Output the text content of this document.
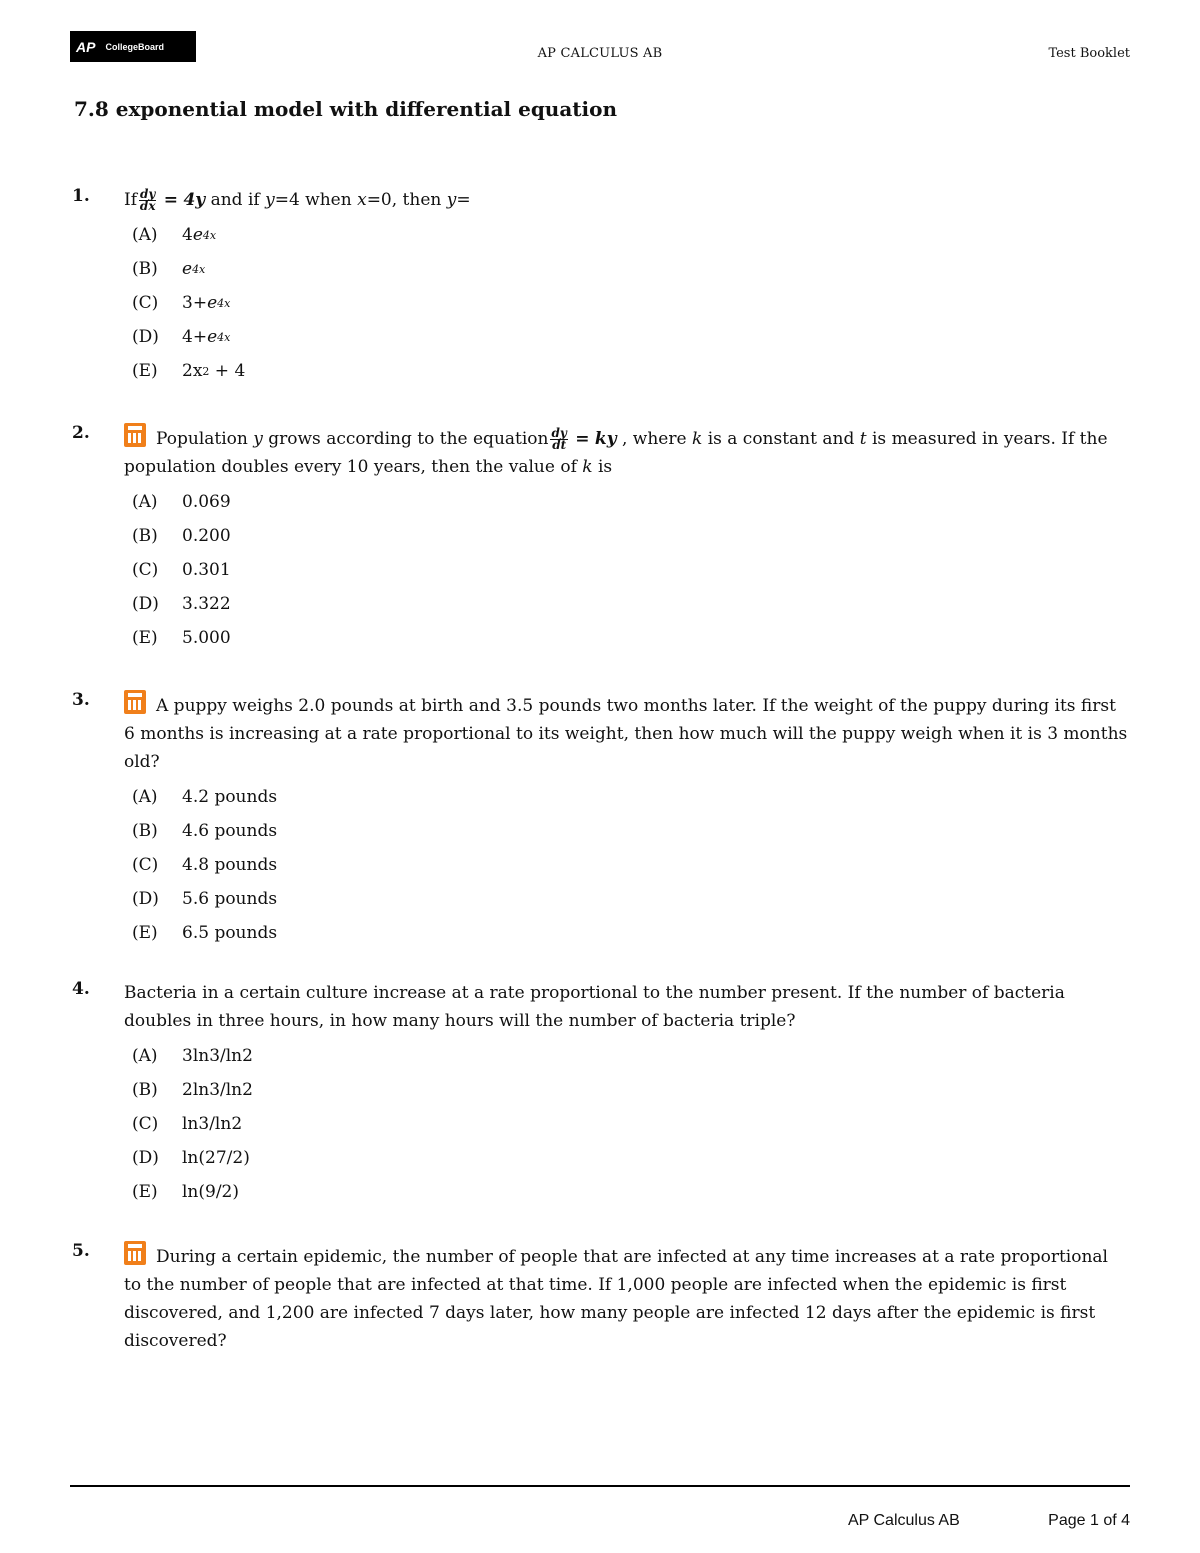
AP CollegeBoard	AP CALCULUS AB	Test Booklet
7.8 exponential model with differential equation
1. If $\frac{dy}{dx} = 4y$ and if y=4 when x=0, then y=
(A)	4 e 4x
(B)	e 4x
(C)	3+ e 4x
(D)	4+ e 4x
(E)	2x 2 + 4
2.	Population y grows according to the equation $\frac{dy}{dt}$ = ky , where k is a constant and t is measured in years. If the population doubles every 10 years, then the value of k is
(A)	0.069
(B)	0.200
(C)	0.301
(D)	3.322
(E)	5.000
3.	A puppy weighs 2.0 pounds at birth and 3.5 pounds two months later. If the weight of the puppy during its first 6 months is increasing at a rate proportional to its weight, then how much will the puppy weigh when it is 3 months old?
(A)	4.2 pounds
(B)	4.6 pounds
(C)	4.8 pounds
(D)	5.6 pounds
(E)	6.5 pounds
4. Bacteria in a certain culture increase at a rate proportional to the number present. If the number of bacteria doubles in three hours, in how many hours will the number of bacteria triple?
(A)	3ln3/ln2
(B)	2ln3/ln2
(C)	ln3/ln2
(D)	ln(27/2)
(E)	ln(9/2)
5.	During a certain epidemic, the number of people that are infected at any time increases at a rate proportional to the number of people that are infected at that time. If 1,000 people are infected when the epidemic is first discovered, and 1,200 are infected 7 days later, how many people are infected 12 days after the epidemic is first discovered?
AP Calculus AB	Page 1 of 4
